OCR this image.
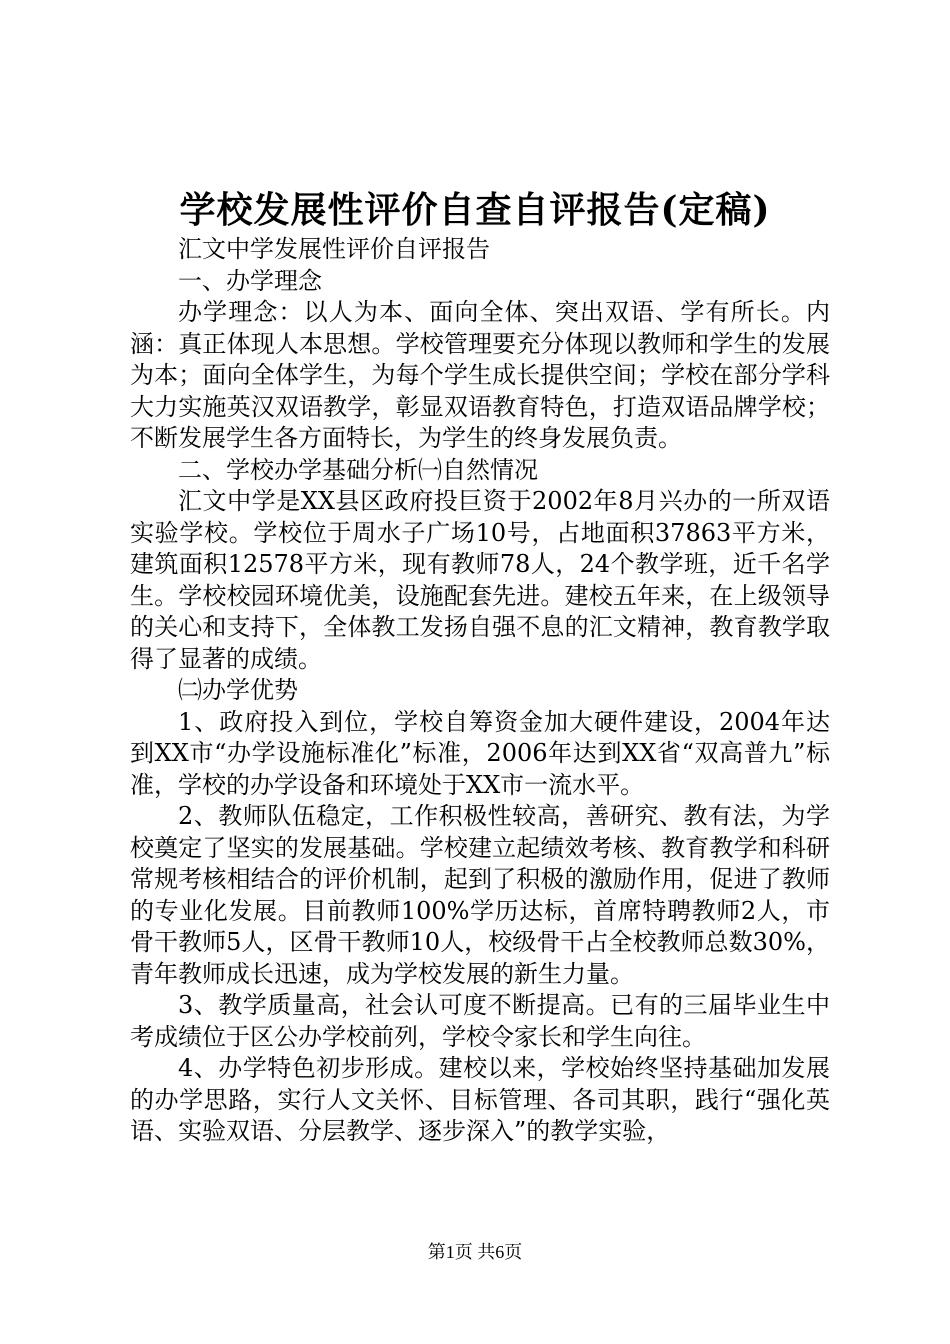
学校发展性评价自查自评报告(定稿)

汇文中学发展性评价自评报告

一、办学理念

办学理念：以人为本、面向全体、突出双语、学有所长。内涵：真正体现人本思想。学校管理要充分体现以教师和学生的发展为本；面向全体学生，为每个学生成长提供空间；学校在部分学科大力实施英汉双语教学，彰显双语教育特色，打造双语品牌学校；不断发展学生各方面特长，为学生的终身发展负责。

二、学校办学基础分析㈠自然情况

汇文中学是XX县区政府投巨资于2002年8月兴办的一所双语实验学校。学校位于周水子广场10号，占地面积37863平方米，建筑面积12578平方米，现有教师78人，24个教学班，近千名学生。学校校园环境优美，设施配套先进。建校五年来，在上级领导的关心和支持下，全体教工发扬自强不息的汇文精神，教育教学取得了显著的成绩。

㈡办学优势

1、政府投入到位，学校自筹资金加大硬件建设，2004年达到XX市“办学设施标准化”标准，2006年达到XX省“双高普九”标准，学校的办学设备和环境处于XX市一流水平。

2、教师队伍稳定，工作积极性较高，善研究、教有法，为学校奠定了坚实的发展基础。学校建立起绩效考核、教育教学和科研常规考核相结合的评价机制，起到了积极的激励作用，促进了教师的专业化发展。目前教师100%学历达标，首席特聘教师2人，市骨干教师5人，区骨干教师10人，校级骨干占全校教师总数30%，青年教师成长迅速，成为学校发展的新生力量。

3、教学质量高，社会认可度不断提高。已有的三届毕业生中考成绩位于区公办学校前列，学校令家长和学生向往。

4、办学特色初步形成。建校以来，学校始终坚持基础加发展的办学思路，实行人文关怀、目标管理、各司其职，践行“强化英语、实验双语、分层教学、逐步深入”的教学实验，

第1页 共6页
